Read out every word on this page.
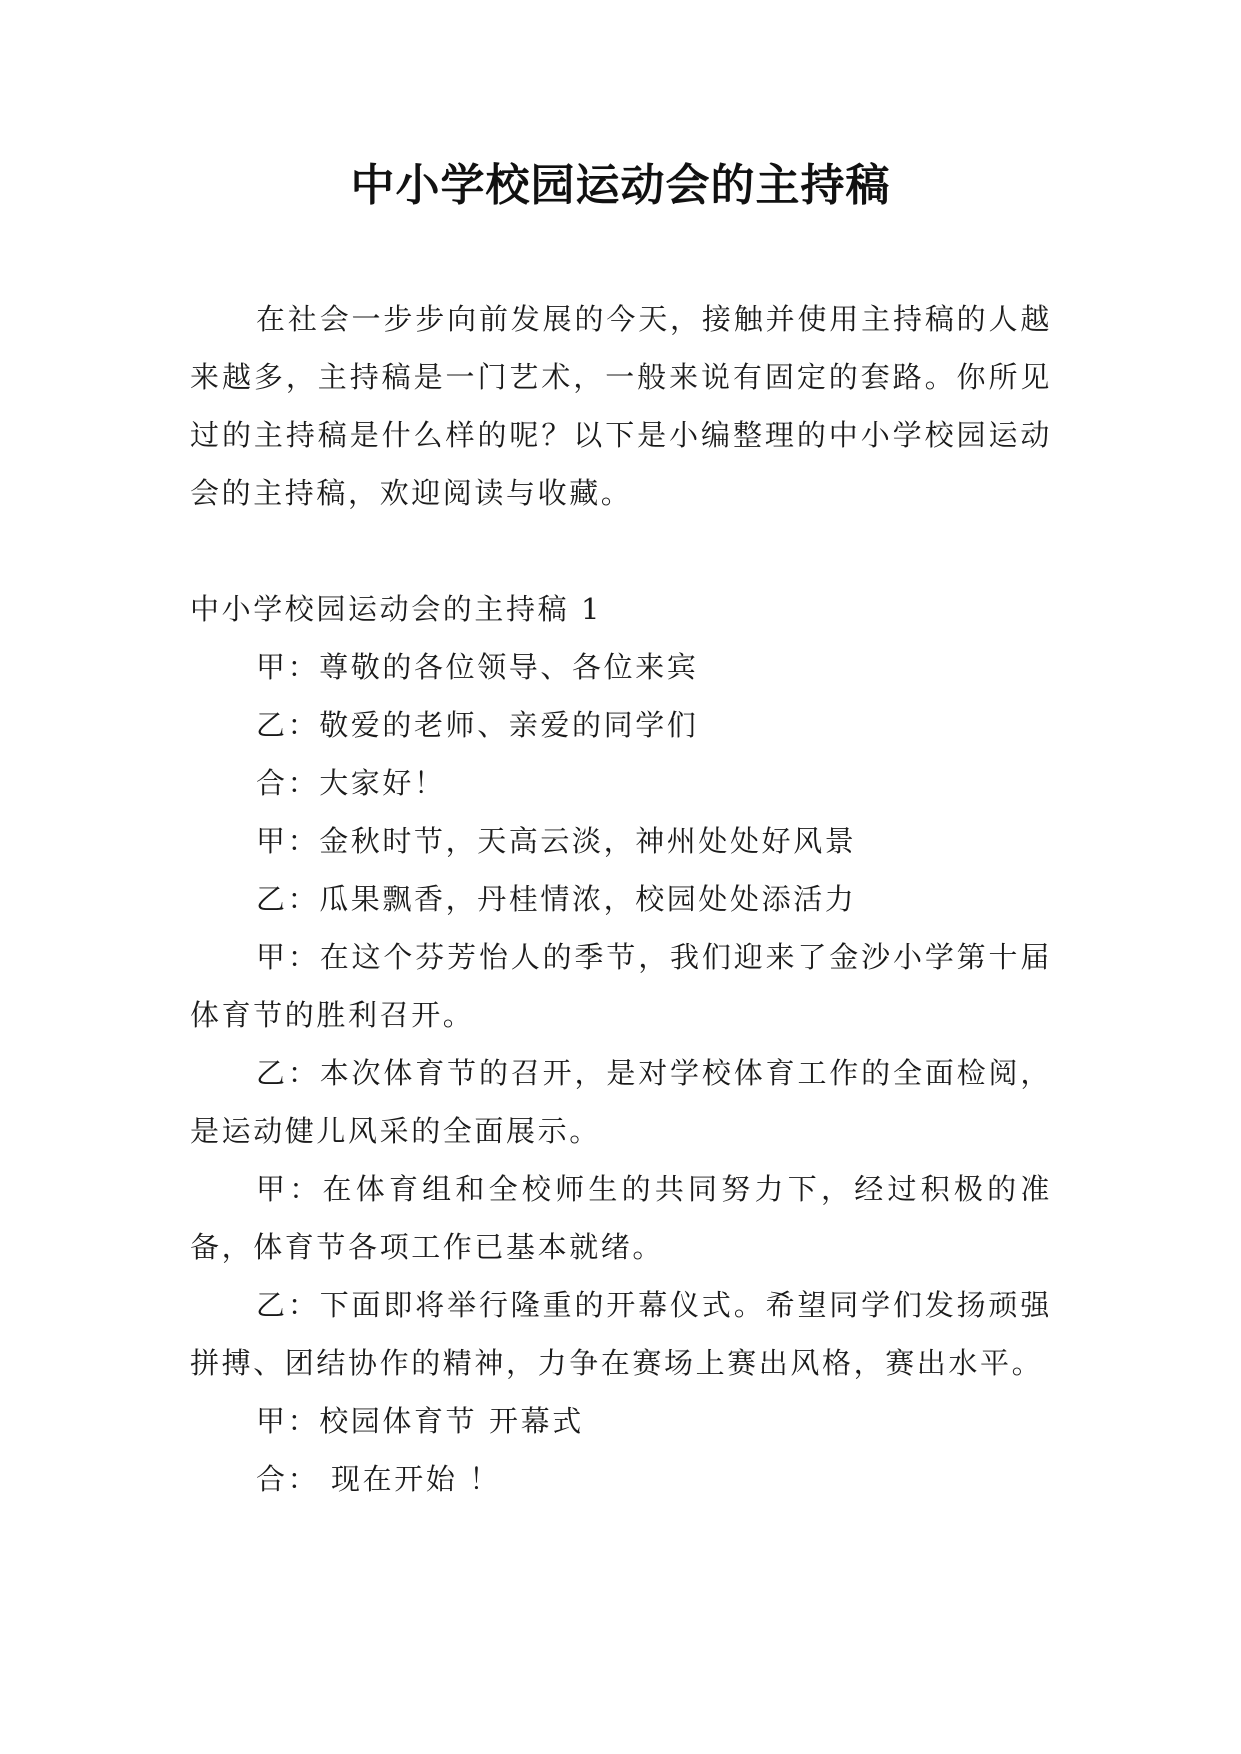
中小学校园运动会的主持稿

在社会一步步向前发展的今天，接触并使用主持稿的人越来越多，主持稿是一门艺术，一般来说有固定的套路。你所见过的主持稿是什么样的呢？以下是小编整理的中小学校园运动会的主持稿，欢迎阅读与收藏。

中小学校园运动会的主持稿 1

甲：尊敬的各位领导、各位来宾

乙：敬爱的老师、亲爱的同学们

合：大家好！

甲：金秋时节，天高云淡，神州处处好风景

乙：瓜果飘香，丹桂情浓，校园处处添活力

甲：在这个芬芳怡人的季节，我们迎来了金沙小学第十届体育节的胜利召开。

乙：本次体育节的召开，是对学校体育工作的全面检阅，是运动健儿风采的全面展示。

甲：在体育组和全校师生的共同努力下，经过积极的准备，体育节各项工作已基本就绪。

乙：下面即将举行隆重的开幕仪式。希望同学们发扬顽强拼搏、团结协作的精神，力争在赛场上赛出风格，赛出水平。

甲：校园体育节 开幕式

合： 现在开始 ！
